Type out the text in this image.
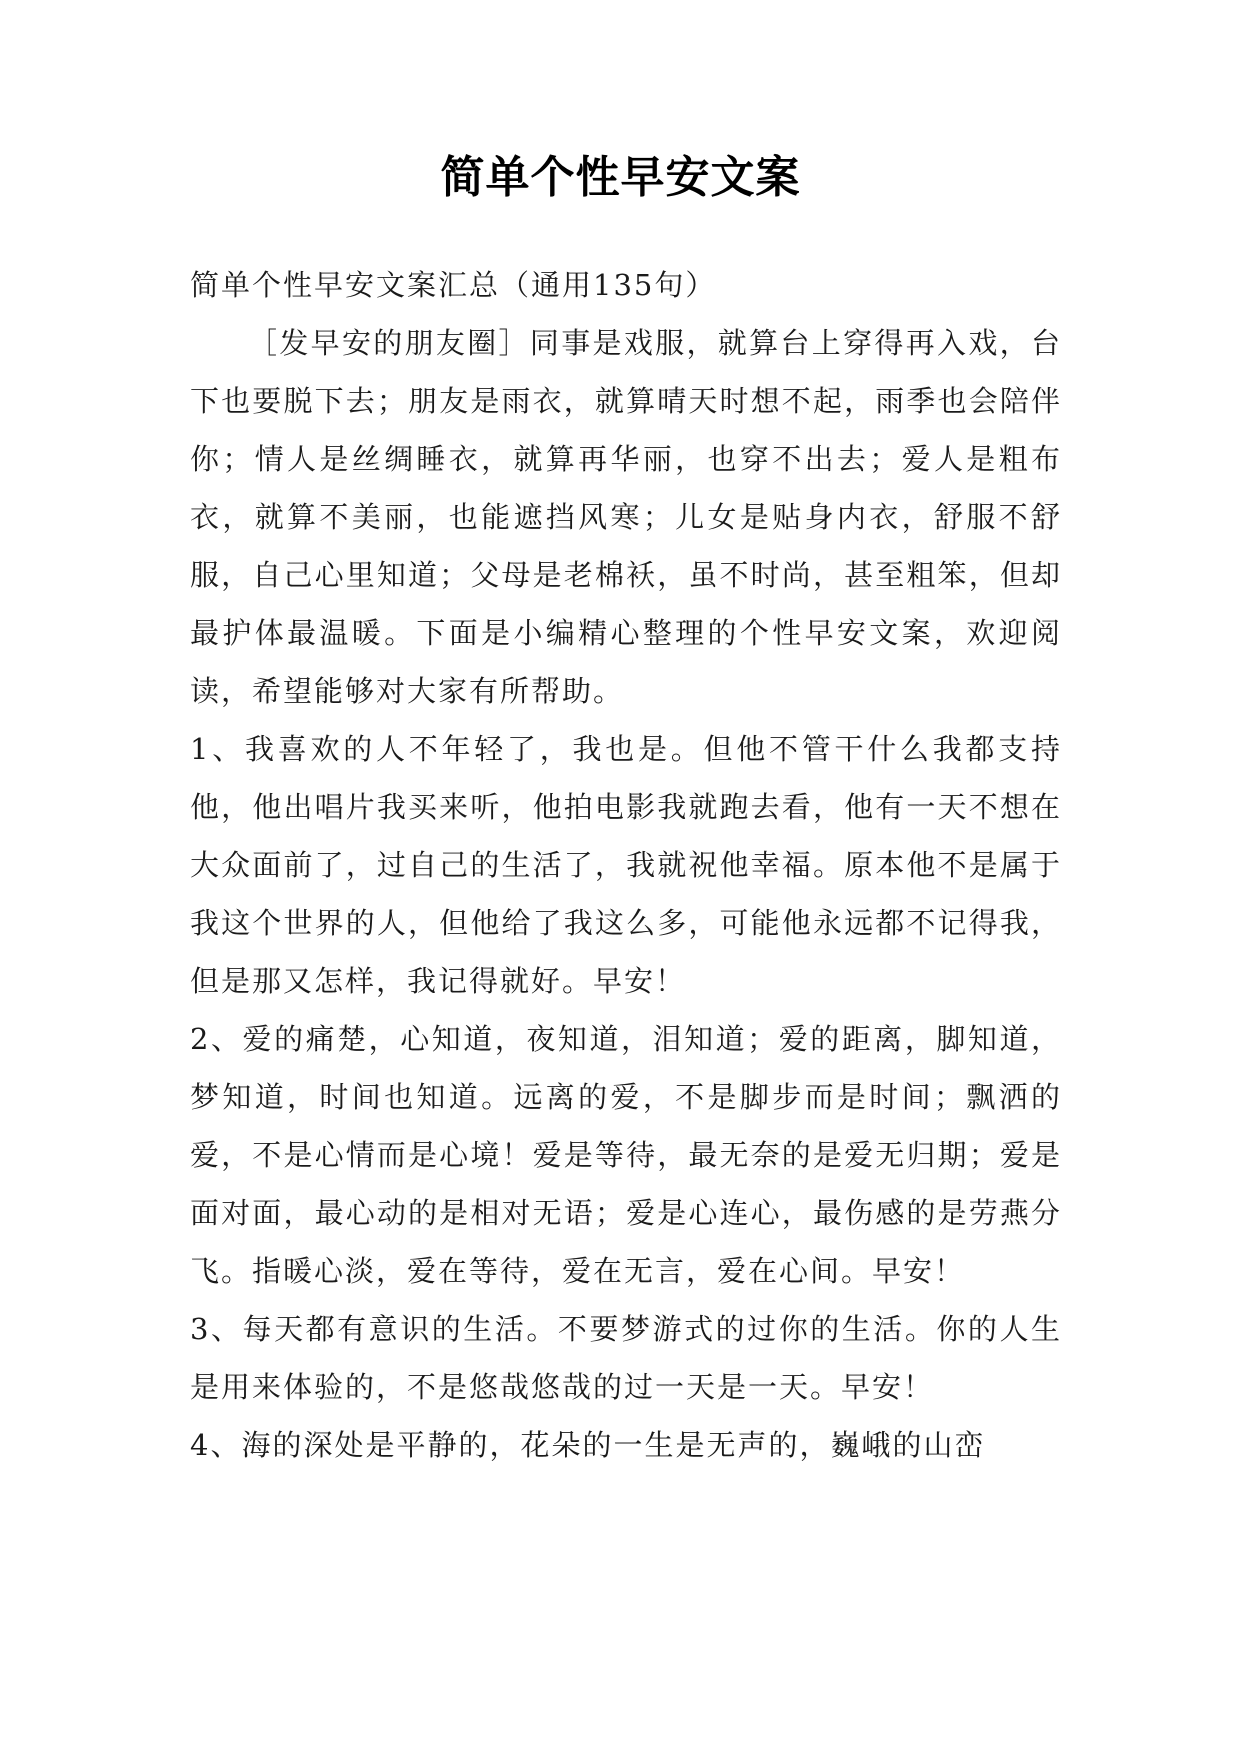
简单个性早安文案

简单个性早安文案汇总（通用135句）

［发早安的朋友圈］同事是戏服，就算台上穿得再入戏，台下也要脱下去；朋友是雨衣，就算晴天时想不起，雨季也会陪伴你；情人是丝绸睡衣，就算再华丽，也穿不出去；爱人是粗布衣，就算不美丽，也能遮挡风寒；儿女是贴身内衣，舒服不舒服，自己心里知道；父母是老棉袄，虽不时尚，甚至粗笨，但却最护体最温暖。下面是小编精心整理的个性早安文案，欢迎阅读，希望能够对大家有所帮助。

1、我喜欢的人不年轻了，我也是。但他不管干什么我都支持他，他出唱片我买来听，他拍电影我就跑去看，他有一天不想在大众面前了，过自己的生活了，我就祝他幸福。原本他不是属于我这个世界的人，但他给了我这么多，可能他永远都不记得我，但是那又怎样，我记得就好。早安！

2、爱的痛楚，心知道，夜知道，泪知道；爱的距离，脚知道，梦知道，时间也知道。远离的爱，不是脚步而是时间；飘洒的爱，不是心情而是心境！爱是等待，最无奈的是爱无归期；爱是面对面，最心动的是相对无语；爱是心连心，最伤感的是劳燕分飞。指暖心淡，爱在等待，爱在无言，爱在心间。早安！

3、每天都有意识的生活。不要梦游式的过你的生活。你的人生是用来体验的，不是悠哉悠哉的过一天是一天。早安！

4、海的深处是平静的，花朵的一生是无声的，巍峨的山峦
